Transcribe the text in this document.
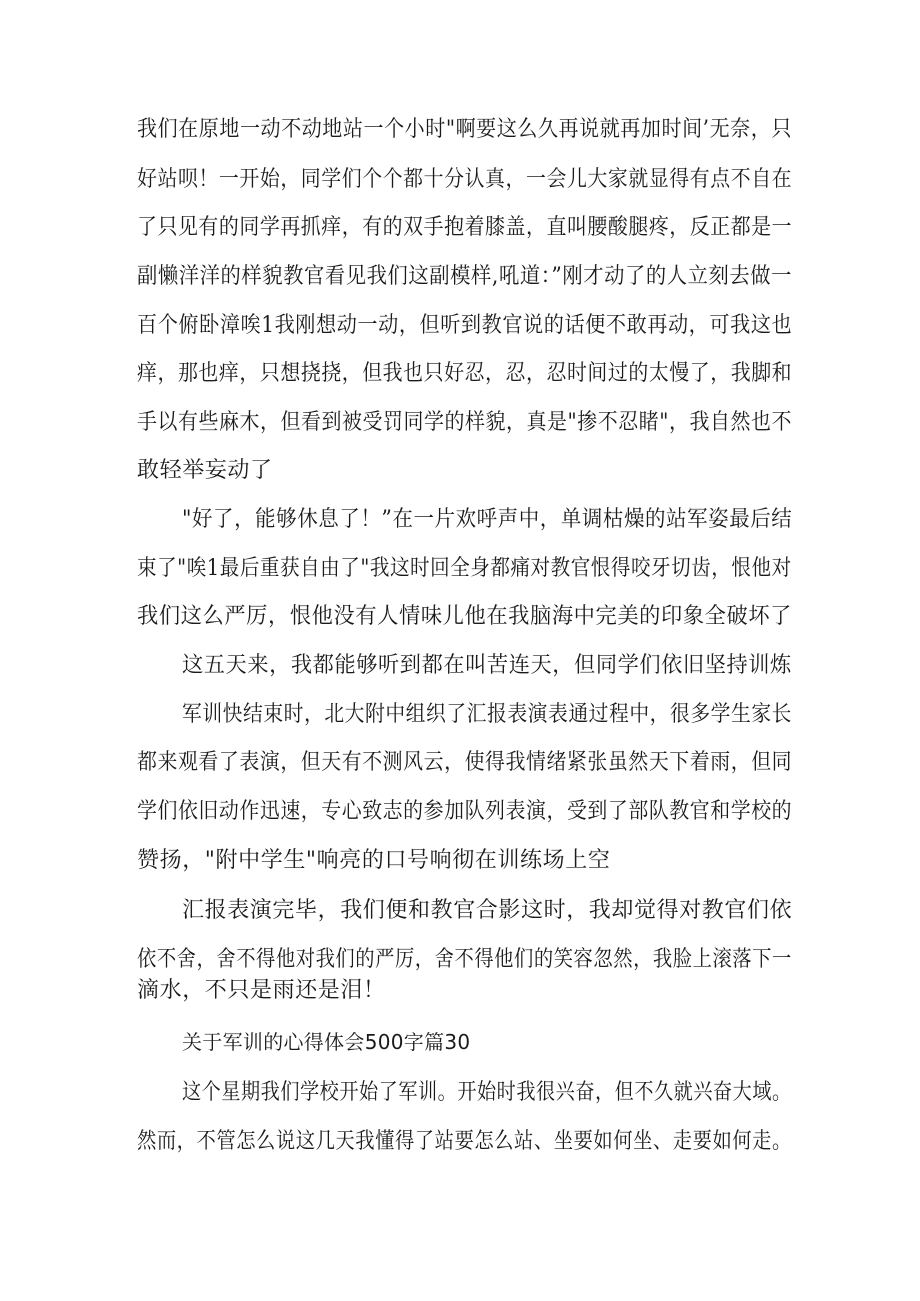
我们在原地一动不动地站一个小时"啊要这么久再说就再加时间’无奈，只

好站呗！一开始，同学们个个都十分认真，一会儿大家就显得有点不自在

了只见有的同学再抓痒，有的双手抱着膝盖，直叫腰酸腿疼，反正都是一

副懒洋洋的样貌教官看见我们这副模样,吼道：”刚才动了的人立刻去做一

百个俯卧漳唉1我刚想动一动，但听到教官说的话便不敢再动，可我这也

痒，那也痒，只想挠挠，但我也只好忍，忍，忍时间过的太慢了，我脚和

手以有些麻木，但看到被受罚同学的样貌，真是"掺不忍睹"，我自然也不

敢轻举妄动了

"好了，能够休息了！”在一片欢呼声中，单调枯燥的站军姿最后结

束了"唉1最后重获自由了"我这时回全身都痛对教官恨得咬牙切齿，恨他对

我们这么严厉，恨他没有人情味儿他在我脑海中完美的印象全破坏了

这五天来，我都能够听到都在叫苦连天，但同学们依旧坚持训炼

军训快结束时，北大附中组织了汇报表演表通过程中，很多学生家长

都来观看了表演，但天有不测风云，使得我情绪紧张虽然天下着雨，但同

学们依旧动作迅速，专心致志的参加队列表演，受到了部队教官和学校的

赞扬，"附中学生"响亮的口号响彻在训练场上空

汇报表演完毕，我们便和教官合影这时，我却觉得对教官们依

依不舍，舍不得他对我们的严厉，舍不得他们的笑容忽然，我脸上滚落下一

滴水，不只是雨还是泪！

关于军训的心得体会500字篇30

这个星期我们学校开始了军训。开始时我很兴奋，但不久就兴奋大域。

然而，不管怎么说这几天我懂得了站要怎么站、坐要如何坐、走要如何走。
